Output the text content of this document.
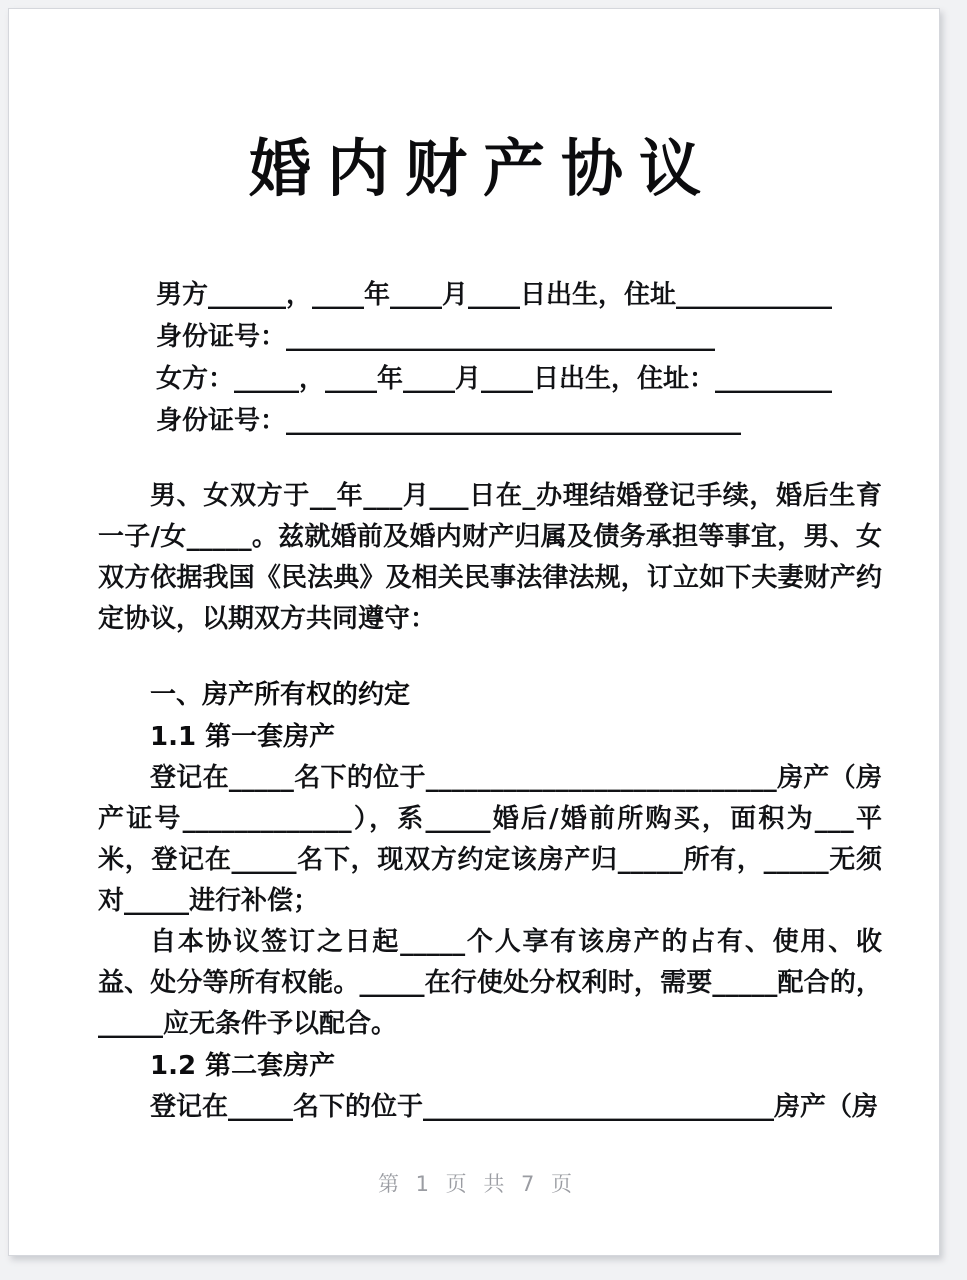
婚内财产协议
男方______，____年____月____日出生，住址____________
身份证号：_________________________________
女方：_____，____年____月____日出生，住址：_________
身份证号：___________________________________
男、女双方于__年___月___日在_办理结婚登记手续，婚后生育一子/女_____。兹就婚前及婚内财产归属及债务承担等事宜，男、女双方依据我国《民法典》及相关民事法律法规，订立如下夫妻财产约定协议，以期双方共同遵守：
一、房产所有权的约定
1.1 第一套房产
登记在_____名下的位于___________________________房产（房产证号_____________），系_____婚后/婚前所购买，面积为___平米，登记在_____名下，现双方约定该房产归_____所有，_____无须对_____进行补偿；
自本协议签订之日起_____个人享有该房产的占有、使用、收益、处分等所有权能。_____在行使处分权利时，需要_____配合的，_____应无条件予以配合。
1.2 第二套房产
登记在_____名下的位于___________________________房产（房
第 1 页 共 7 页
